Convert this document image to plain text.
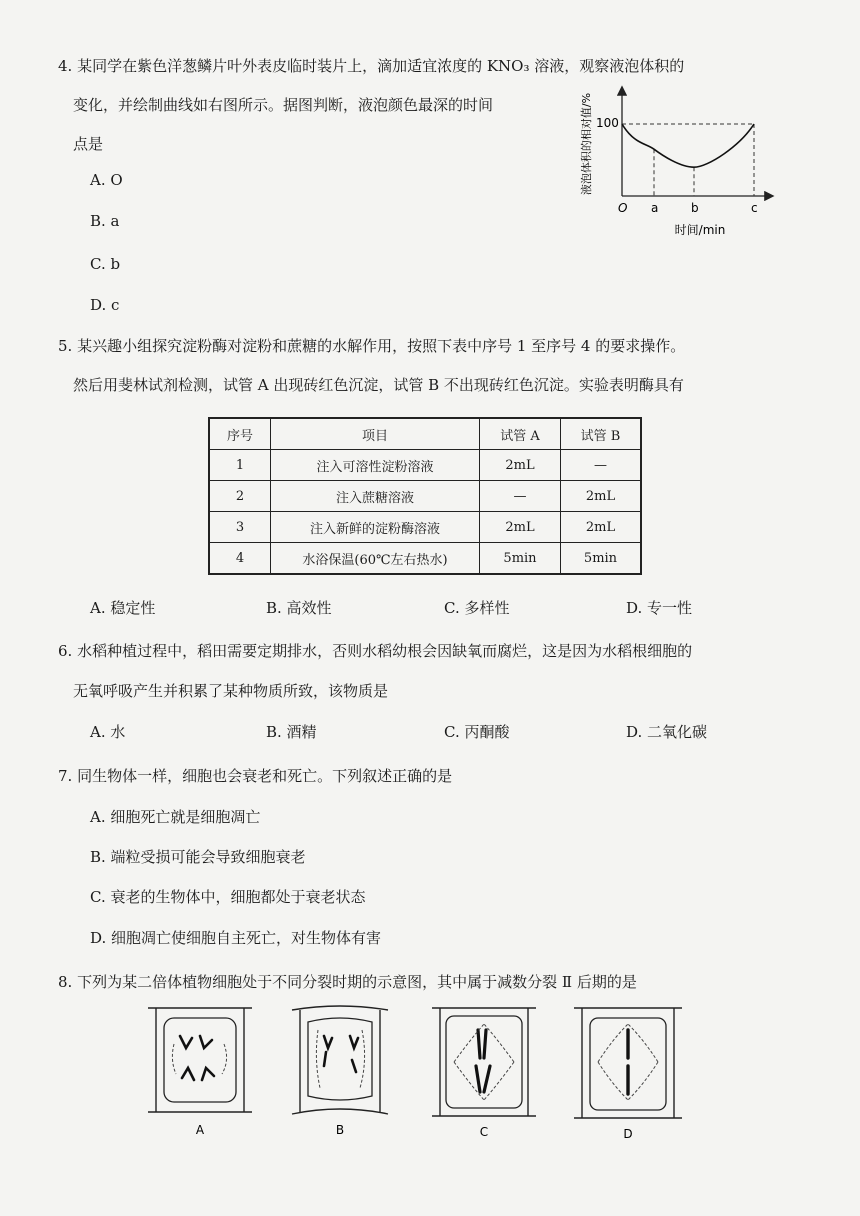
4. 某同学在紫色洋葱鳞片叶外表皮临时装片上，滴加适宜浓度的 KNO₃ 溶液，观察液泡体积的
变化，并绘制曲线如右图所示。据图判断，液泡颜色最深的时间
点是
A. O
B. a
C. b
D. c
液泡体积的相对值/% 100
O a	b	c
时间/min
5. 某兴趣小组探究淀粉酶对淀粉和蔗糖的水解作用，按照下表中序号 1 至序号 4 的要求操作。
然后用斐林试剂检测，试管 A 出现砖红色沉淀，试管 B 不出现砖红色沉淀。实验表明酶具有
序号	项目	试管 A	试管 B
1	注入可溶性淀粉溶液	2mL	—
2	注入蔗糖溶液	—	2mL
3	注入新鲜的淀粉酶溶液	2mL	2mL
4	水浴保温(60℃左右热水)	5min	5min
A. 稳定性	B. 高效性	C. 多样性	D. 专一性
6. 水稻种植过程中，稻田需要定期排水，否则水稻幼根会因缺氧而腐烂，这是因为水稻根细胞的
无氧呼吸产生并积累了某种物质所致，该物质是
A. 水	B. 酒精	C. 丙酮酸	D. 二氧化碳
7. 同生物体一样，细胞也会衰老和死亡。下列叙述正确的是
A. 细胞死亡就是细胞凋亡
B. 端粒受损可能会导致细胞衰老
C. 衰老的生物体中，细胞都处于衰老状态
D. 细胞凋亡使细胞自主死亡，对生物体有害
8. 下列为某二倍体植物细胞处于不同分裂时期的示意图，其中属于减数分裂 Ⅱ 后期的是
A	B	C	D
